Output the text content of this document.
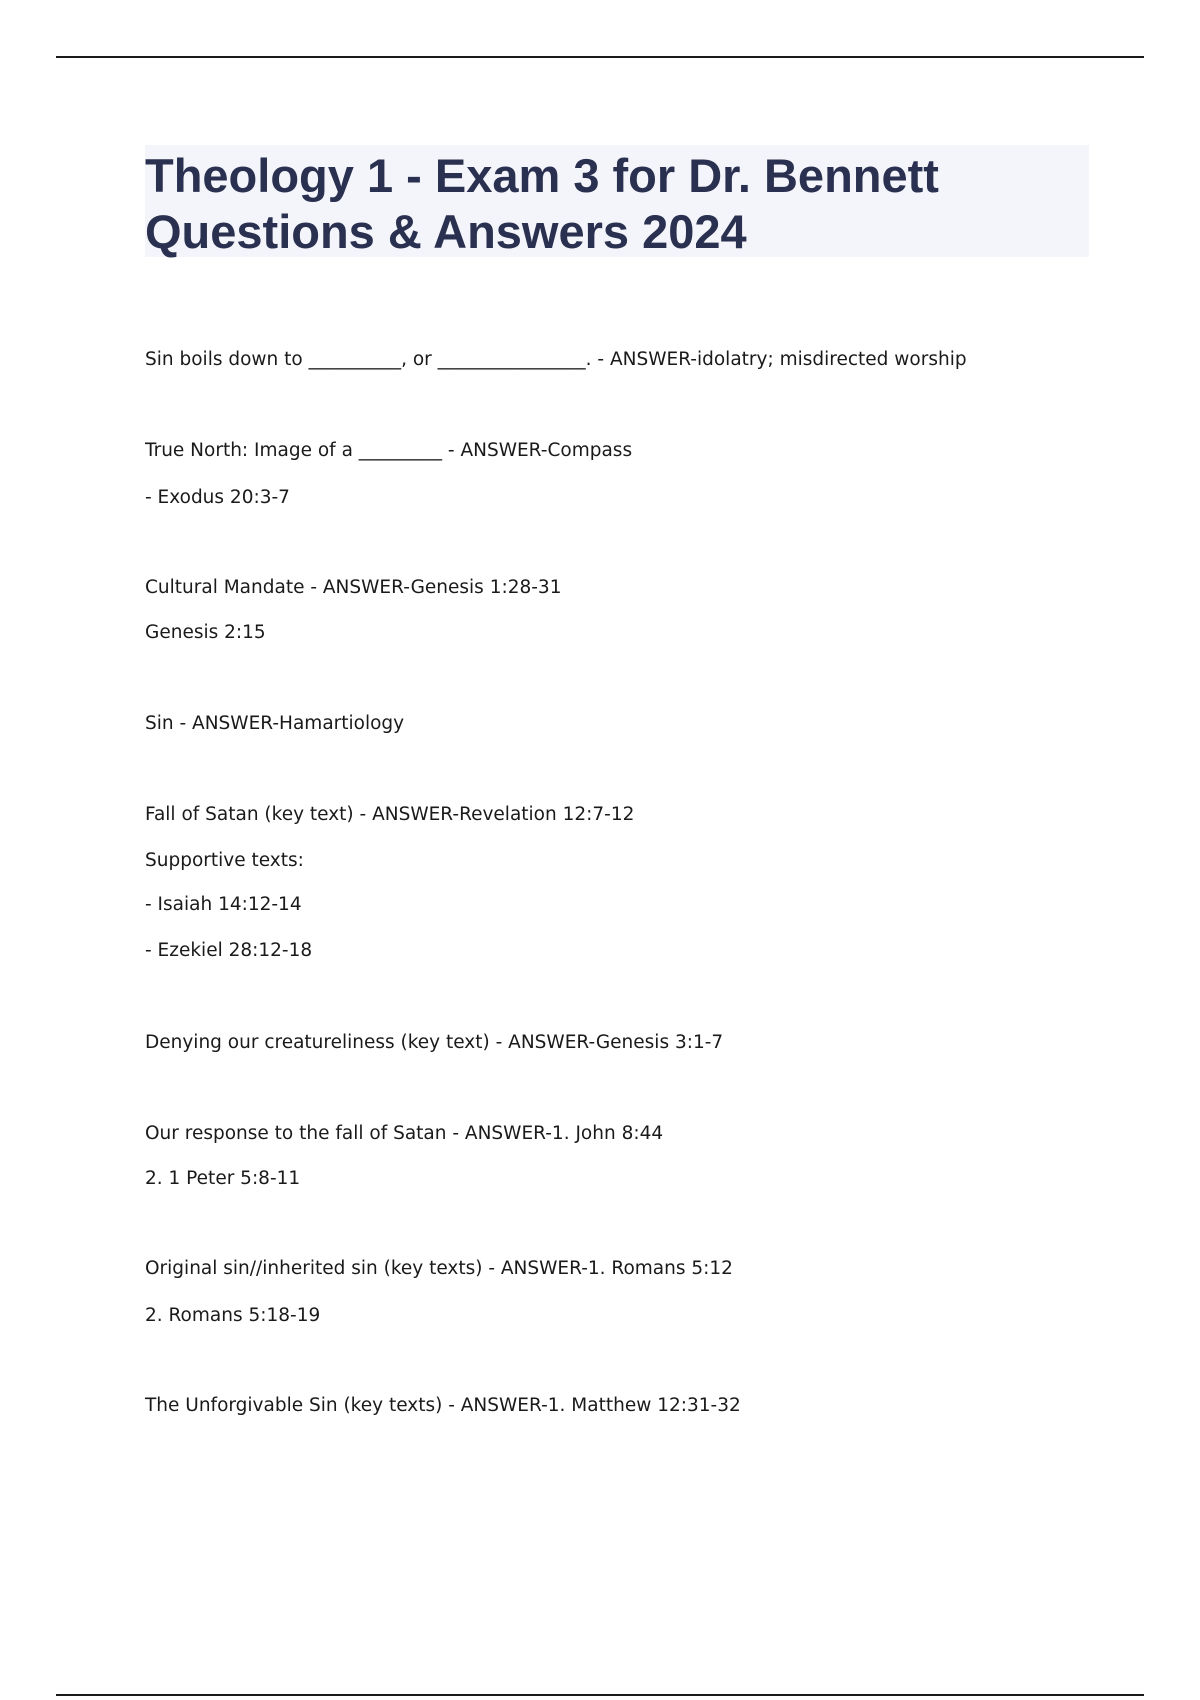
Theology 1 - Exam 3 for Dr. Bennett
Questions & Answers 2024
Sin boils down to __________, or ________________. - ANSWER-idolatry; misdirected worship
True North: Image of a _________ - ANSWER-Compass
- Exodus 20:3-7
Cultural Mandate - ANSWER-Genesis 1:28-31
Genesis 2:15
Sin - ANSWER-Hamartiology
Fall of Satan (key text) - ANSWER-Revelation 12:7-12
Supportive texts:
- Isaiah 14:12-14
- Ezekiel 28:12-18
Denying our creatureliness (key text) - ANSWER-Genesis 3:1-7
Our response to the fall of Satan - ANSWER-1. John 8:44
2. 1 Peter 5:8-11
Original sin//inherited sin (key texts) - ANSWER-1. Romans 5:12
2. Romans 5:18-19
The Unforgivable Sin (key texts) - ANSWER-1. Matthew 12:31-32
